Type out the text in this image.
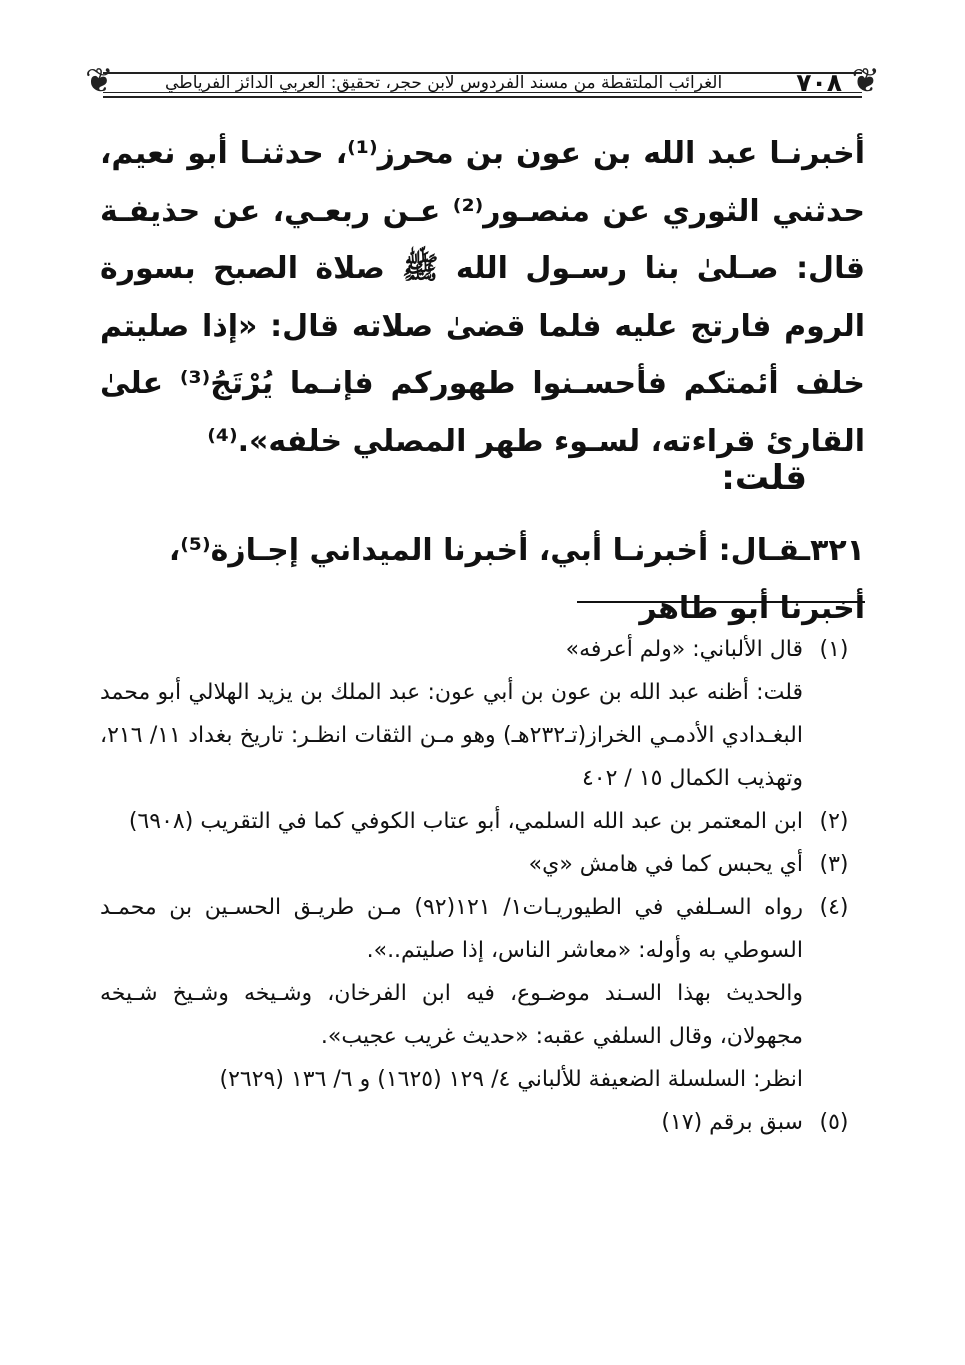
❦
❦	٧٠٨
الغرائب الملتقطة من مسند الفردوس لابن حجر، تحقيق: العربي الدائز الفرياطي

أخبرنـا عبد الله بن عون بن محرز⁽¹⁾، حدثنـا أبو نعيم، حدثني الثوري عن منصـور⁽²⁾ عـن ربعـي، عن حذيفـة قال: صـلىٰ بنا رسـول الله ﷺ صلاة الصبح بسورة الروم فارتج عليه فلما قضىٰ صلاته قال: «إذا صليتم خلف أئمتكم فأحسـنوا طهوركم فإنـما يُرْتَجُ⁽³⁾ علىٰ القارئ قراءته، لسـوء طهر المصلي خلفه».⁽⁴⁾

قلت:
٣٢١ـقـال: أخبرنـا أبي، أخبرنا الميداني إجـازة⁽⁵⁾، أخبرنا أبو طاهر
(١)
قال الألباني: «ولم أعرفه»
قلت: أظنه عبد الله بن عون بن أبي عون: عبد الملك بن يزيد الهلالي أبو محمد البغـدادي الأدمـي الخراز(تـ٢٣٢هـ) وهو مـن الثقات انظـر: تاريخ بغداد ١١/ ٢١٦، وتهذيب الكمال ١٥ / ٤٠٢
(٢)
ابن المعتمر بن عبد الله السلمي، أبو عتاب الكوفي كما في التقريب (٦٩٠٨)
(٣)
أي يحبس كما في هامش «ي»
(٤)
رواه السـلفي في الطيوريـات١/ ١٢١(٩٢) مـن طريـق الحسـين بن محمـد السوطي به وأوله: «معاشر الناس، إذا صليتم..».
والحديث بهذا السـند موضـوع، فيه ابن الفرخان، وشـيخه وشـيخ شـيخه مجهولان، وقال السلفي عقبه: «حديث غريب عجيب».
انظر: السلسلة الضعيفة للألباني ٤/ ١٢٩ (١٦٢٥) و ٦/ ١٣٦ (٢٦٢٩)
(٥)
سبق برقم (١٧)
